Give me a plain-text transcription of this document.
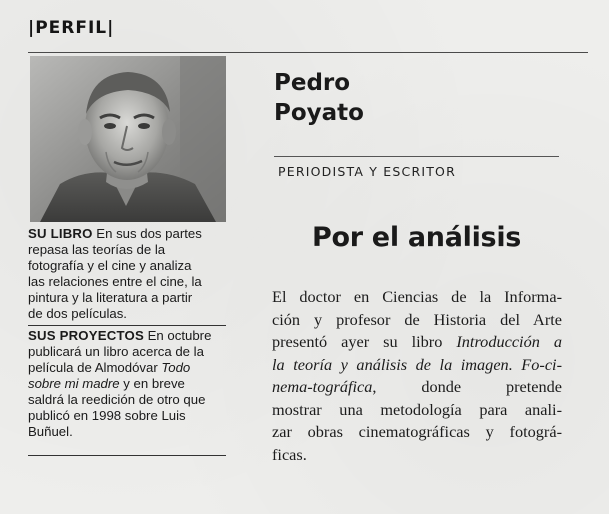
|PERFIL|

SU LIBRO En sus dos partes
repasa las teorías de la
fotografía y el cine y analiza
las relaciones entre el cine, la
pintura y la literatura a partir
de dos películas.

SUS PROYECTOS En octubre
publicará un libro acerca de la
película de Almodóvar Todo
sobre mi madre y en breve
saldrá la reedición de otro que
publicó en 1998 sobre Luis
Buñuel.

Pedro
Poyato
PERIODISTA Y ESCRITOR
Por el análisis

El doctor en Ciencias de la Informa-
ción y profesor de Historia del Arte
presentó ayer su libro Introducción a
la teoría y análisis de la imagen. Fo-ci-
nema-tográfica, donde pretende
mostrar una metodología para anali-
zar obras cinematográficas y fotográ-
ficas.
